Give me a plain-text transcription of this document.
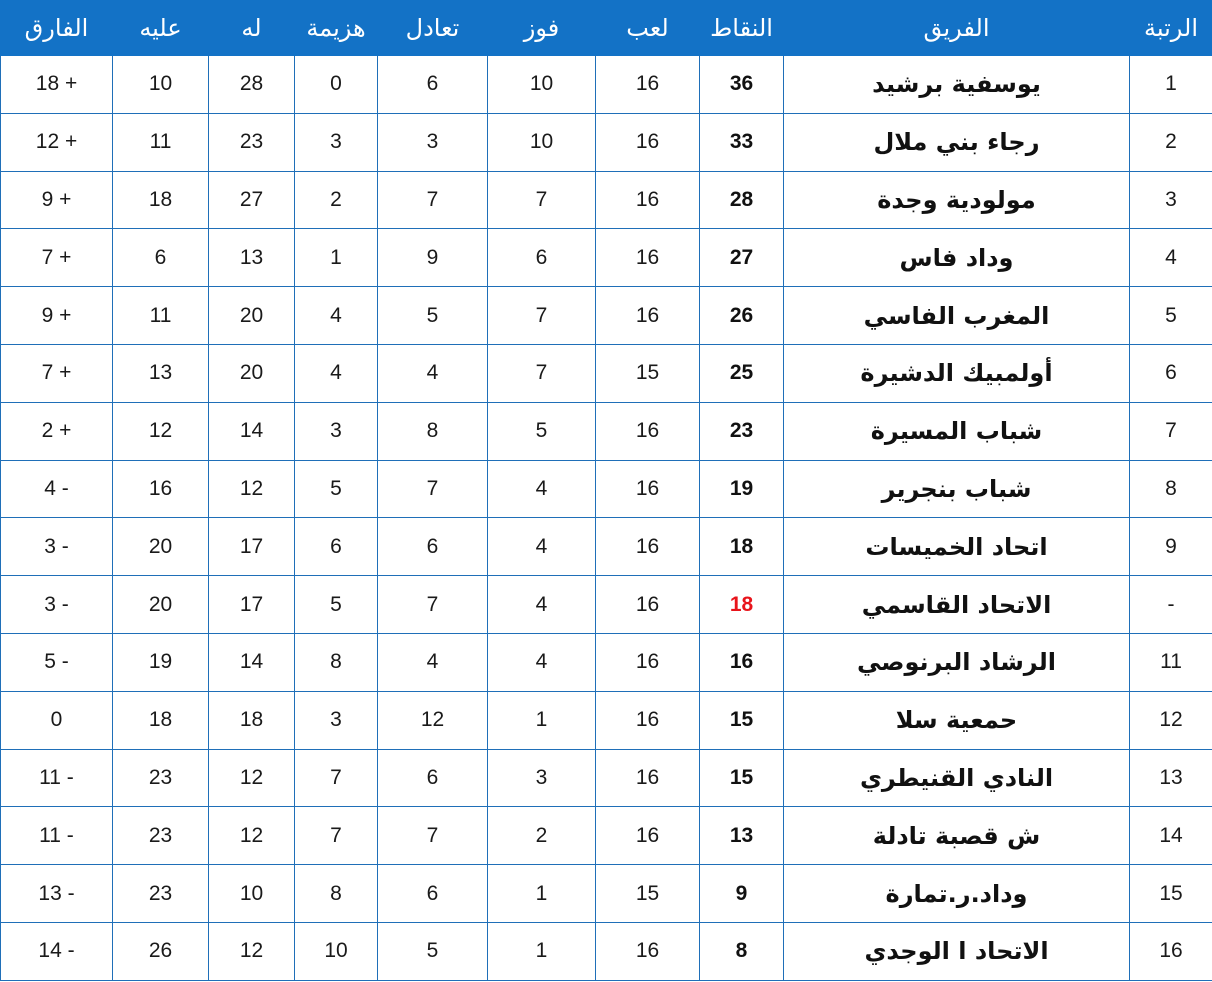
الفارق	عليه	له	هزيمة	تعادل	فوز	لعب	النقاط	الفريق	الرتبة
18 +	10	28	0	6	10	16	36	يوسفية برشيد	1
12 +	11	23	3	3	10	16	33	رجاء بني ملال	2
9 +	18	27	2	7	7	16	28	مولودية وجدة	3
7 +	6	13	1	9	6	16	27	وداد فاس	4
9 +	11	20	4	5	7	16	26	المغرب الفاسي	5
7 +	13	20	4	4	7	15	25	أولمبيك الدشيرة	6
2 +	12	14	3	8	5	16	23	شباب المسيرة	7
4 -	16	12	5	7	4	16	19	شباب بنجرير	8
3 -	20	17	6	6	4	16	18	اتحاد الخميسات	9
3 -	20	17	5	7	4	16	18	الاتحاد القاسمي	-
5 -	19	14	8	4	4	16	16	الرشاد البرنوصي	11
0	18	18	3	12	1	16	15	حمعية سلا	12
11 -	23	12	7	6	3	16	15	النادي القنيطري	13
11 -	23	12	7	7	2	16	13	ش قصبة تادلة	14
13 -	23	10	8	6	1	15	9	وداد.ر.تمارة	15
14 -	26	12	10	5	1	16	8	الاتحاد ا الوجدي	16
